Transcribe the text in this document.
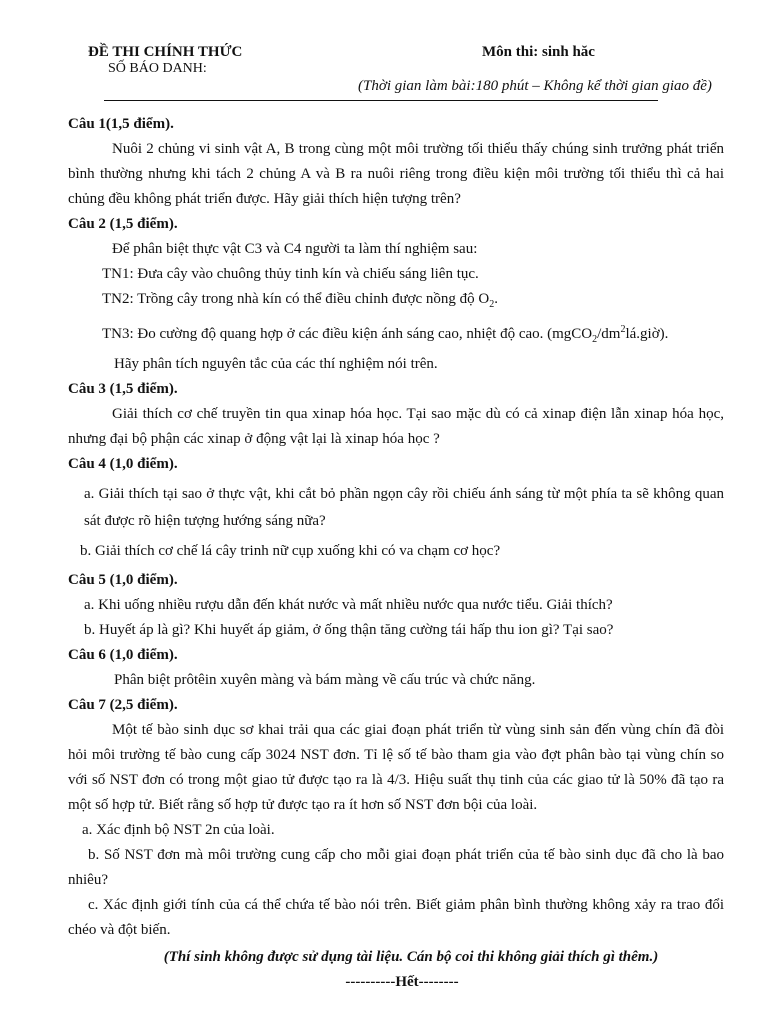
ĐỀ THI CHÍNH THỨC
SỐ BÁO DANH:
Môn thi: sinh hăc
(Thời gian làm bài:180 phút – Không kể thời gian giao đề)
Câu 1(1,5 điểm).
Nuôi 2 chủng vi sinh vật A, B trong cùng một môi trường tối thiểu thấy chúng sinh trưởng phát triển bình thường nhưng khi tách 2 chủng A và B ra nuôi riêng trong điều kiện môi trường tối thiểu thì cả hai chủng đều không phát triển được. Hãy giải thích hiện tượng trên?
Câu 2 (1,5 điểm).
Để phân biệt thực vật C3 và C4 người ta làm thí nghiệm sau:
TN1: Đưa cây vào chuông thủy tinh kín và chiếu sáng liên tục.
TN2: Trồng cây trong nhà kín có thể điều chỉnh được nồng độ $O_2$.
TN3: Đo cường độ quang hợp ở các điều kiện ánh sáng cao, nhiệt độ cao. $(mgCO_2/dm^2lá.giờ)$.
Hãy phân tích nguyên tắc của các thí nghiệm nói trên.
Câu 3 (1,5 điểm).
Giải thích cơ chế truyền tin qua xinap hóa học. Tại sao mặc dù có cả xinap điện lẫn xinap hóa học, nhưng đại bộ phận các xinap ở động vật lại là xinap hóa học ?
Câu 4 (1,0 điểm).
a. Giải thích tại sao ở thực vật, khi cắt bỏ phần ngọn cây rồi chiếu ánh sáng từ một phía ta sẽ không quan sát được rõ hiện tượng hướng sáng nữa?
b. Giải thích cơ chế lá cây trinh nữ cụp xuống khi có va chạm cơ học?
Câu 5 (1,0 điểm).
a. Khi uống nhiều rượu dẫn đến khát nước và mất nhiều nước qua nước tiểu. Giải thích?
b. Huyết áp là gì? Khi huyết áp giảm, ở ống thận tăng cường tái hấp thu ion gì? Tại sao?
Câu 6 (1,0 điểm).
Phân biệt prôtêin xuyên màng và bám màng về cấu trúc và chức năng.
Câu 7 (2,5 điểm).
Một tế bào sinh dục sơ khai trải qua các giai đoạn phát triển từ vùng sinh sản đến vùng chín đã đòi hỏi môi trường tế bào cung cấp 3024 NST đơn. Tỉ lệ số tế bào tham gia vào đợt phân bào tại vùng chín so với số NST đơn có trong một giao tử được tạo ra là 4/3. Hiệu suất thụ tinh của các giao tử là 50% đã tạo ra một số hợp tử. Biết rằng số hợp tử được tạo ra ít hơn số NST đơn bội của loài.
a. Xác định bộ NST 2n của loài.
b. Số NST đơn mà môi trường cung cấp cho mỗi giai đoạn phát triển của tế bào sinh dục đã cho là bao nhiêu?
c. Xác định giới tính của cá thể chứa tế bào nói trên. Biết giảm phân bình thường không xảy ra trao đổi chéo và đột biến.
(Thí sinh không được sử dụng tài liệu. Cán bộ coi thi không giải thích gì thêm.)
----------Hết--------
